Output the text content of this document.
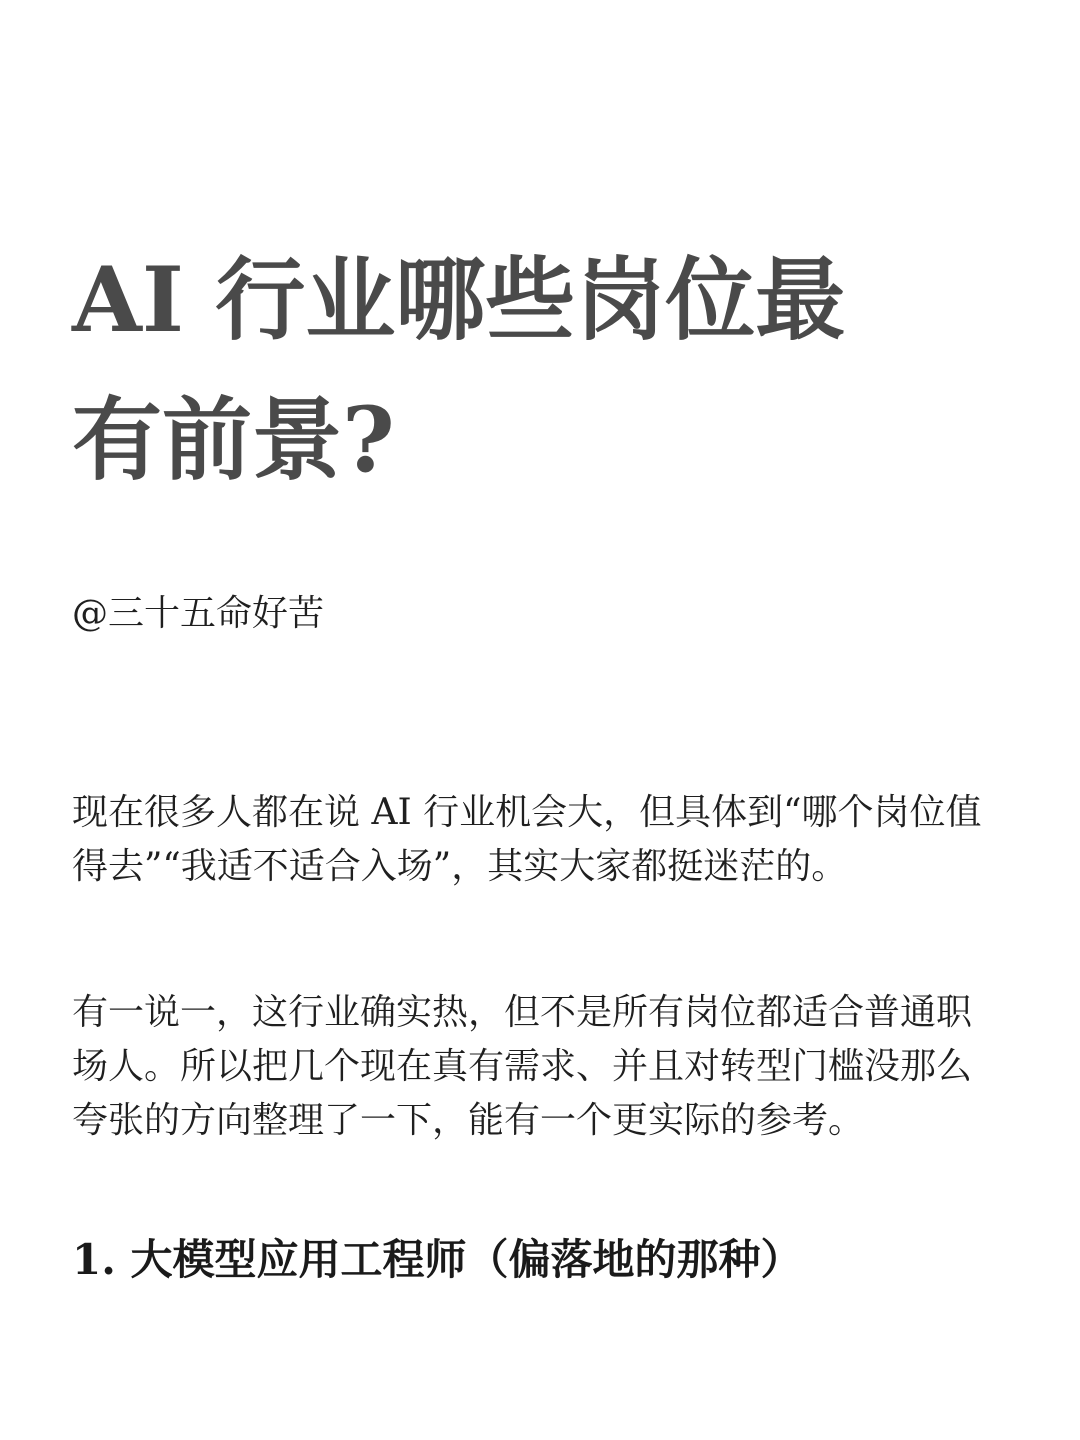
AI 行业哪些岗位最
有前景?

@三十五命好苦

现在很多人都在说 AI 行业机会大，但具体到“哪个岗位值
得去”“我适不适合入场”，其实大家都挺迷茫的。

有一说一，这行业确实热，但不是所有岗位都适合普通职
场人。所以把几个现在真有需求、并且对转型门槛没那么
夸张的方向整理了一下，能有一个更实际的参考。

1. 大模型应用工程师（偏落地的那种）
